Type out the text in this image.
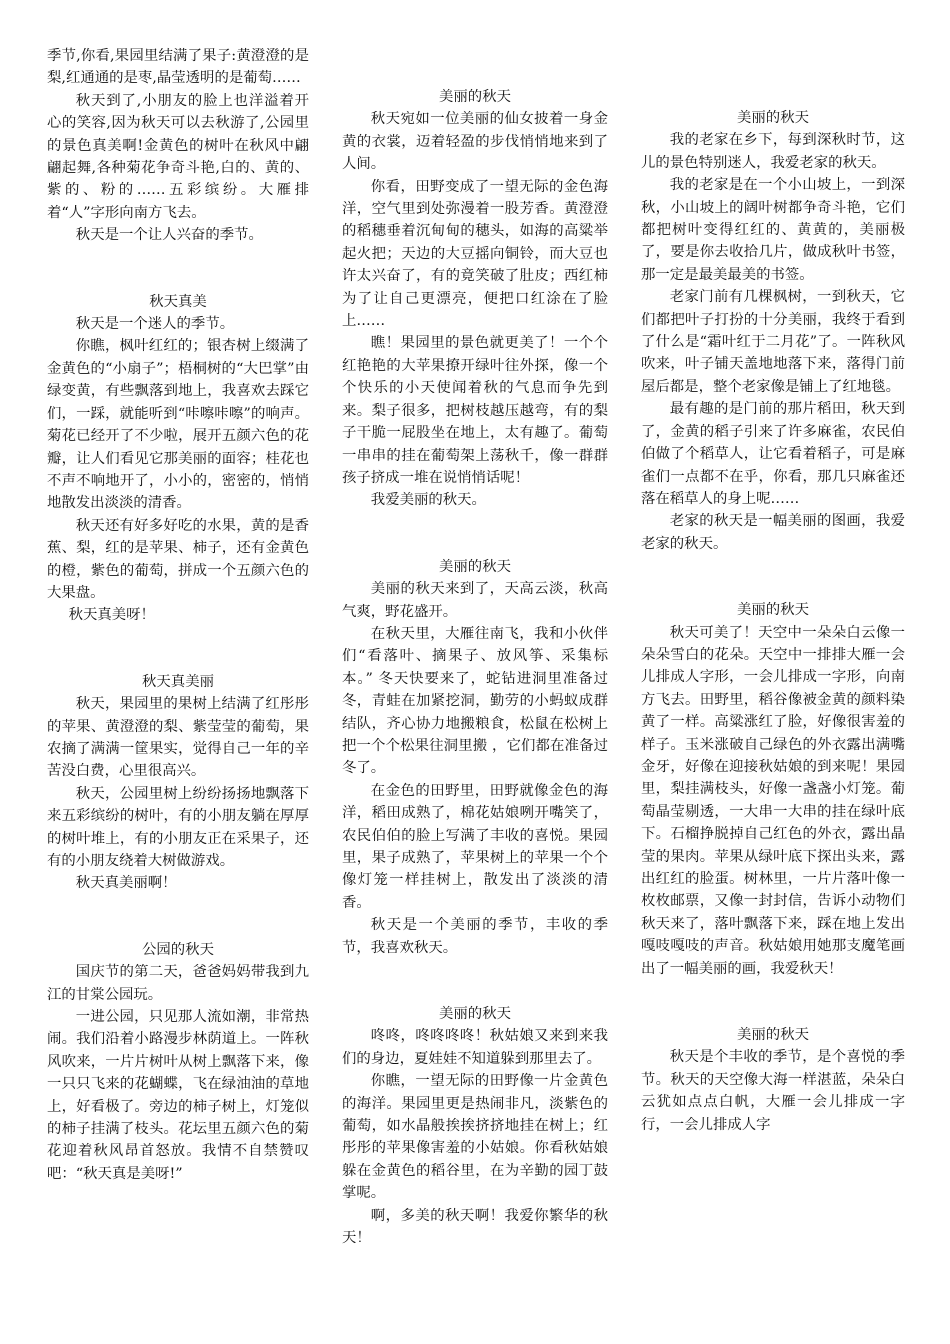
季节,你看,果园里结满了果子:黄澄澄的是梨,红通通的是枣,晶莹透明的是葡萄……

秋天到了,小朋友的脸上也洋溢着开心的笑容,因为秋天可以去秋游了,公园里的景色真美啊!金黄色的树叶在秋风中翩翩起舞,各种菊花争奇斗艳,白的、黄的、紫的、粉的……五彩缤纷。大雁排着“人”字形向南方飞去。

秋天是一个让人兴奋的季节。

秋天真美

秋天是一个迷人的季节。

你瞧，枫叶红红的；银杏树上缀满了金黄色的“小扇子”；梧桐树的“大巴掌”由绿变黄，有些飘落到地上，我喜欢去踩它们，一踩，就能听到“咔嚓咔嚓”的响声。菊花已经开了不少啦，展开五颜六色的花瓣，让人们看见它那美丽的面容；桂花也不声不响地开了，小小的，密密的，悄悄地散发出淡淡的清香。

秋天还有好多好吃的水果，黄的是香蕉、梨，红的是苹果、柿子，还有金黄色的橙，紫色的葡萄，拼成一个五颜六色的大果盘。

秋天真美呀！

秋天真美丽

秋天，果园里的果树上结满了红彤彤的苹果、黄澄澄的梨、紫莹莹的葡萄，果农摘了满满一筐果实，觉得自己一年的辛苦没白费，心里很高兴。

秋天，公园里树上纷纷扬扬地飘落下来五彩缤纷的树叶，有的小朋友躺在厚厚的树叶堆上，有的小朋友正在采果子，还有的小朋友绕着大树做游戏。

秋天真美丽啊！

公园的秋天

国庆节的第二天，爸爸妈妈带我到九江的甘棠公园玩。

一进公园，只见那人流如潮，非常热闹。我们沿着小路漫步林荫道上。一阵秋风吹来，一片片树叶从树上飘落下来，像一只只飞来的花蝴蝶，飞在绿油油的草地上，好看极了。旁边的柿子树上，灯笼似的柿子挂满了枝头。花坛里五颜六色的菊花迎着秋风昂首怒放。我情不自禁赞叹吧：“秋天真是美呀!”

美丽的秋天

秋天宛如一位美丽的仙女披着一身金黄的衣裳，迈着轻盈的步伐悄悄地来到了人间。

你看，田野变成了一望无际的金色海洋，空气里到处弥漫着一股芳香。黄澄澄的稻穗垂着沉甸甸的穗头，如海的高粱举起火把；天边的大豆摇向铜铃，而大豆也许太兴奋了，有的竟笑破了肚皮；西红柿为了让自己更漂亮，便把口红涂在了脸上……

瞧！果园里的景色就更美了！一个个红艳艳的大苹果撩开绿叶往外探，像一个个快乐的小天使闻着秋的气息而争先到来。梨子很多，把树枝越压越弯，有的梨子干脆一屁股坐在地上，太有趣了。葡萄一串串的挂在葡萄架上荡秋千，像一群群孩子挤成一堆在说悄悄话呢！

我爱美丽的秋天。

美丽的秋天

美丽的秋天来到了，天高云淡，秋高气爽，野花盛开。

在秋天里，大雁往南飞，我和小伙伴们“看落叶、摘果子、放风筝、采集标本。” 冬天快要来了，蛇钻进洞里准备过冬，青蛙在加紧挖洞，勤劳的小蚂蚁成群结队，齐心协力地搬粮食，松鼠在松树上把一个个松果往洞里搬 ，它们都在准备过冬了。

在金色的田野里，田野就像金色的海洋，稻田成熟了，棉花姑娘咧开嘴笑了，农民伯伯的脸上写满了丰收的喜悦。果园里，果子成熟了，苹果树上的苹果一个个像灯笼一样挂树上，散发出了淡淡的清香。

秋天是一个美丽的季节，丰收的季节，我喜欢秋天。

美丽的秋天

咚咚，咚咚咚咚！秋姑娘又来到来我们的身边，夏娃娃不知道躲到那里去了。

你瞧，一望无际的田野像一片金黄色的海洋。果园里更是热闹非凡，淡紫色的葡萄，如水晶般挨挨挤挤地挂在树上；红彤彤的苹果像害羞的小姑娘。你看秋姑娘躲在金黄色的稻谷里，在为辛勤的园丁鼓掌呢。

啊，多美的秋天啊！我爱你繁华的秋天！

美丽的秋天

我的老家在乡下，每到深秋时节，这儿的景色特别迷人，我爱老家的秋天。

我的老家是在一个小山坡上，一到深秋，小山坡上的阔叶树都争奇斗艳，它们都把树叶变得红红的、黄黄的，美丽极了，要是你去收拾几片，做成秋叶书签，那一定是最美最美的书签。

老家门前有几棵枫树，一到秋天，它们都把叶子打扮的十分美丽，我终于看到了什么是“霜叶红于二月花”了。一阵秋风吹来，叶子铺天盖地地落下来，落得门前屋后都是，整个老家像是铺上了红地毯。

最有趣的是门前的那片稻田，秋天到了，金黄的稻子引来了许多麻雀，农民伯伯做了个稻草人，让它看着稻子，可是麻雀们一点都不在乎，你看，那几只麻雀还落在稻草人的身上呢……

老家的秋天是一幅美丽的图画，我爱老家的秋天。

美丽的秋天

秋天可美了！天空中一朵朵白云像一朵朵雪白的花朵。天空中一排排大雁一会儿排成人字形，一会儿排成一字形，向南方飞去。田野里，稻谷像被金黄的颜料染黄了一样。高粱涨红了脸，好像很害羞的样子。玉米涨破自己绿色的外衣露出满嘴金牙，好像在迎接秋姑娘的到来呢！果园里，梨挂满枝头，好像一盏盏小灯笼。葡萄晶莹剔透，一大串一大串的挂在绿叶底下。石榴挣脱掉自己红色的外衣，露出晶莹的果肉。苹果从绿叶底下探出头来，露出红红的脸蛋。树林里，一片片落叶像一枚枚邮票，又像一封封信，告诉小动物们秋天来了，落叶飘落下来，踩在地上发出嘎吱嘎吱的声音。秋姑娘用她那支魔笔画出了一幅美丽的画，我爱秋天！

美丽的秋天

秋天是个丰收的季节，是个喜悦的季节。秋天的天空像大海一样湛蓝，朵朵白云犹如点点白帆，大雁一会儿排成一字行，一会儿排成人字
